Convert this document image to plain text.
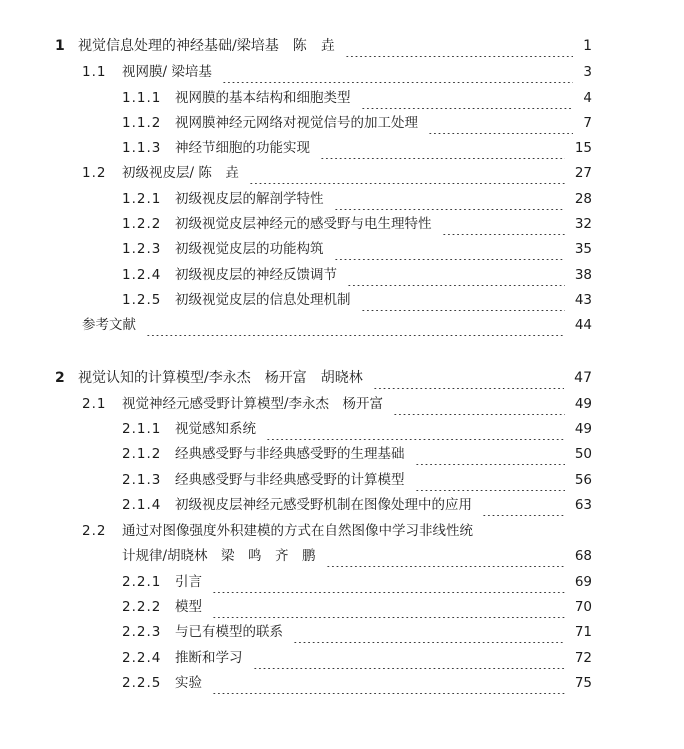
1 视觉信息处理的神经基础/梁培基　陈　垚	1
1.1 视网膜/ 梁培基	3
1.1.1 视网膜的基本结构和细胞类型	4
1.1.2 视网膜神经元网络对视觉信号的加工处理	7
1.1.3 神经节细胞的功能实现	15
1.2 初级视皮层/ 陈　垚	27
1.2.1 初级视皮层的解剖学特性	28
1.2.2 初级视觉皮层神经元的感受野与电生理特性	32
1.2.3 初级视觉皮层的功能构筑	35
1.2.4 初级视皮层的神经反馈调节	38
1.2.5 初级视觉皮层的信息处理机制	43
参考文献	44
2 视觉认知的计算模型/李永杰　杨开富　胡晓林	47
2.1 视觉神经元感受野计算模型/李永杰　杨开富	49
2.1.1 视觉感知系统	49
2.1.2 经典感受野与非经典感受野的生理基础	50
2.1.3 经典感受野与非经典感受野的计算模型	56
2.1.4 初级视皮层神经元感受野机制在图像处理中的应用	63
2.2 通过对图像强度外积建模的方式在自然图像中学习非线性统
计规律/胡晓林　梁　鸣　齐　鹏	68
2.2.1 引言	69
2.2.2 模型	70
2.2.3 与已有模型的联系	71
2.2.4 推断和学习	72
2.2.5 实验	75
